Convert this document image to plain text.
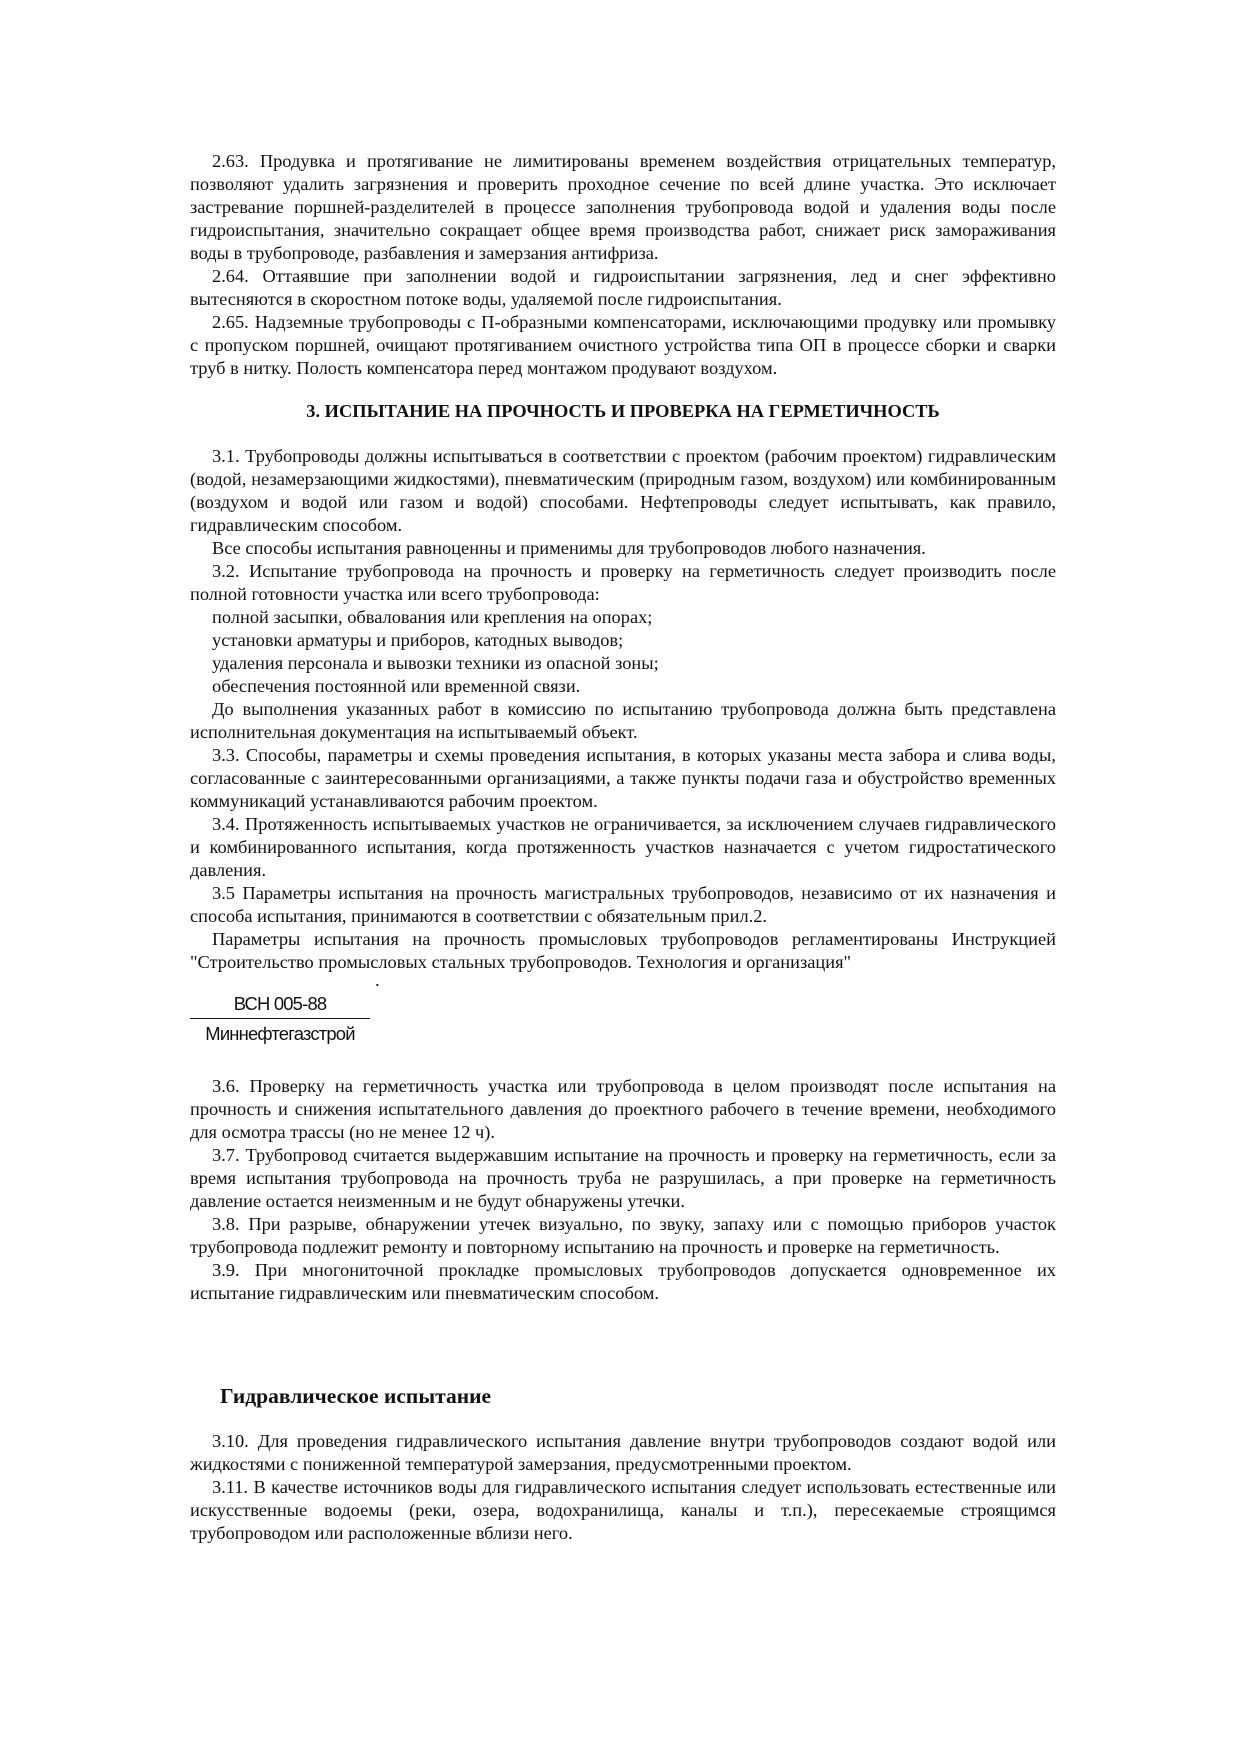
2.63. Продувка и протягивание не лимитированы временем воздействия отрицательных температур, позволяют удалить загрязнения и проверить проходное сечение по всей длине участка. Это исключает застревание поршней-разделителей в процессе заполнения трубопровода водой и удаления воды после гидроиспытания, значительно сокращает общее время производства работ, снижает риск замораживания воды в трубопроводе, разбавления и замерзания антифриза.

2.64. Оттаявшие при заполнении водой и гидроиспытании загрязнения, лед и снег эффективно вытесняются в скоростном потоке воды, удаляемой после гидроиспытания.

2.65. Надземные трубопроводы с П-образными компенсаторами, исключающими продувку или промывку с пропуском поршней, очищают протягиванием очистного устройства типа ОП в процессе сборки и сварки труб в нитку. Полость компенсатора перед монтажом продувают воздухом.

3. ИСПЫТАНИЕ НА ПРОЧНОСТЬ И ПРОВЕРКА НА ГЕРМЕТИЧНОСТЬ

3.1. Трубопроводы должны испытываться в соответствии с проектом (рабочим проектом) гидравлическим (водой, незамерзающими жидкостями), пневматическим (природным газом, воздухом) или комбинированным (воздухом и водой или газом и водой) способами. Нефтепроводы следует испытывать, как правило, гидравлическим способом.

Все способы испытания равноценны и применимы для трубопроводов любого назначения.

3.2. Испытание трубопровода на прочность и проверку на герметичность следует производить после полной готовности участка или всего трубопровода:

полной засыпки, обвалования или крепления на опорах;

установки арматуры и приборов, катодных выводов;

удаления персонала и вывозки техники из опасной зоны;

обеспечения постоянной или временной связи.

До выполнения указанных работ в комиссию по испытанию трубопровода должна быть представлена исполнительная документация на испытываемый объект.

3.3. Способы, параметры и схемы проведения испытания, в которых указаны места забора и слива воды, согласованные с заинтересованными организациями, а также пункты подачи газа и обустройство временных коммуникаций устанавливаются рабочим проектом.

3.4. Протяженность испытываемых участков не ограничивается, за исключением случаев гидравлического и комбинированного испытания, когда протяженность участков назначается с учетом гидростатического давления.

3.5 Параметры испытания на прочность магистральных трубопроводов, независимо от их назначения и способа испытания, принимаются в соответствии с обязательным прил.2.

Параметры испытания на прочность промысловых трубопроводов регламентированы Инструкцией "Строительство промысловых стальных трубопроводов. Технология и организация"

.
ВСН 005-88
Миннефтегазстрой

3.6. Проверку на герметичность участка или трубопровода в целом производят после испытания на прочность и снижения испытательного давления до проектного рабочего в течение времени, необходимого для осмотра трассы (но не менее 12 ч).

3.7. Трубопровод считается выдержавшим испытание на прочность и проверку на герметичность, если за время испытания трубопровода на прочность труба не разрушилась, а при проверке на герметичность давление остается неизменным и не будут обнаружены утечки.

3.8. При разрыве, обнаружении утечек визуально, по звуку, запаху или с помощью приборов участок трубопровода подлежит ремонту и повторному испытанию на прочность и проверке на герметичность.

3.9. При многониточной прокладке промысловых трубопроводов допускается одновременное их испытание гидравлическим или пневматическим способом.

Гидравлическое испытание

3.10. Для проведения гидравлического испытания давление внутри трубопроводов создают водой или жидкостями с пониженной температурой замерзания, предусмотренными проектом.

3.11. В качестве источников воды для гидравлического испытания следует использовать естественные или искусственные водоемы (реки, озера, водохранилища, каналы и т.п.), пересекаемые строящимся трубопроводом или расположенные вблизи него.
